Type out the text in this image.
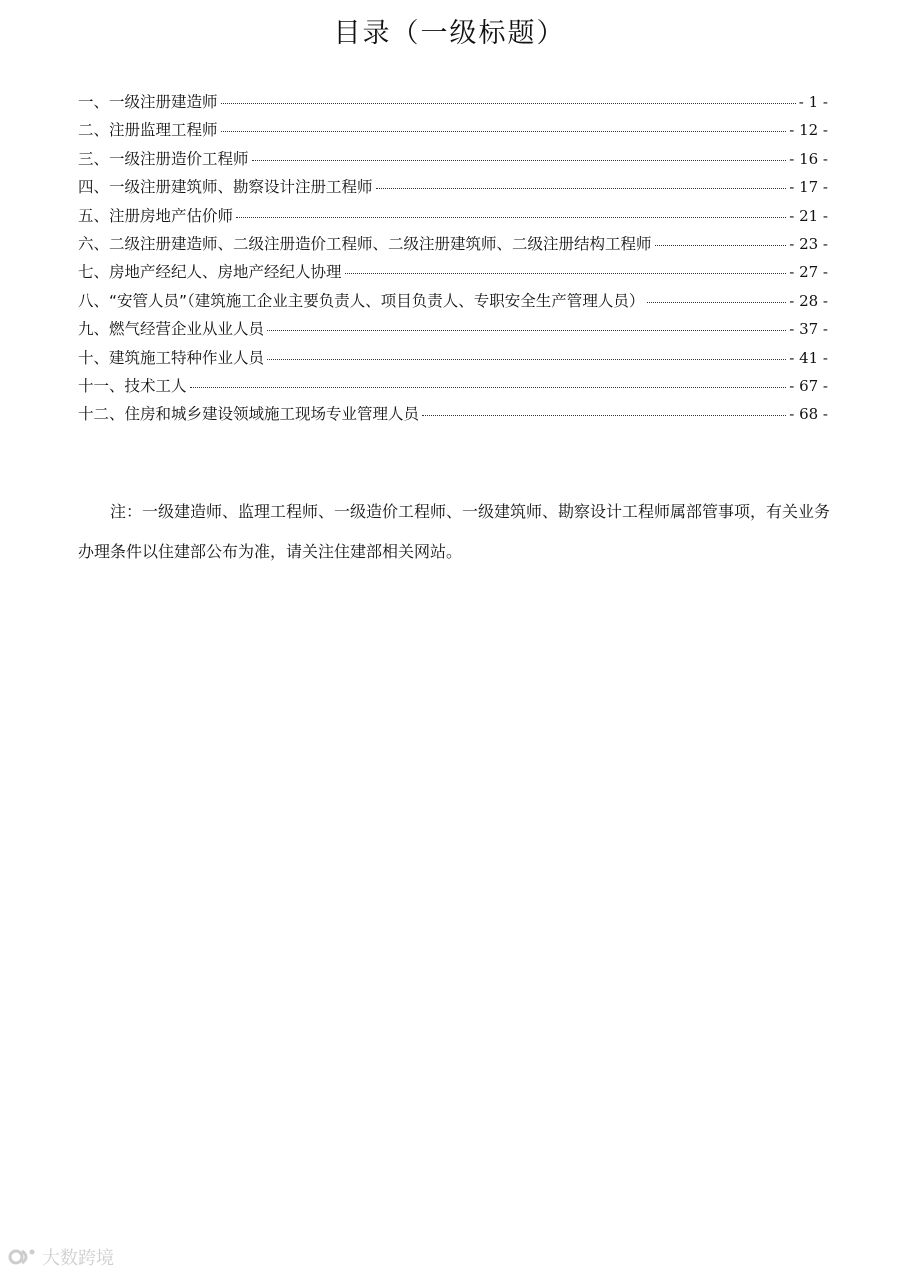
目录（一级标题）
一、一级注册建造师	- 1 -
二、注册监理工程师	- 12 -
三、一级注册造价工程师	- 16 -
四、一级注册建筑师、勘察设计注册工程师	- 17 -
五、注册房地产估价师	- 21 -
六、二级注册建造师、二级注册造价工程师、二级注册建筑师、二级注册结构工程师	- 23 -
七、房地产经纪人、房地产经纪人协理	- 27 -
八、“安管人员”（建筑施工企业主要负责人、项目负责人、专职安全生产管理人员）	- 28 -
九、燃气经营企业从业人员	- 37 -
十、建筑施工特种作业人员	- 41 -
十一、技术工人	- 67 -
十二、住房和城乡建设领域施工现场专业管理人员	- 68 -

注：一级建造师、监理工程师、一级造价工程师、一级建筑师、勘察设计工程师属部管事项，有关业务办理条件以住建部公布为准，请关注住建部相关网站。

大数跨境
